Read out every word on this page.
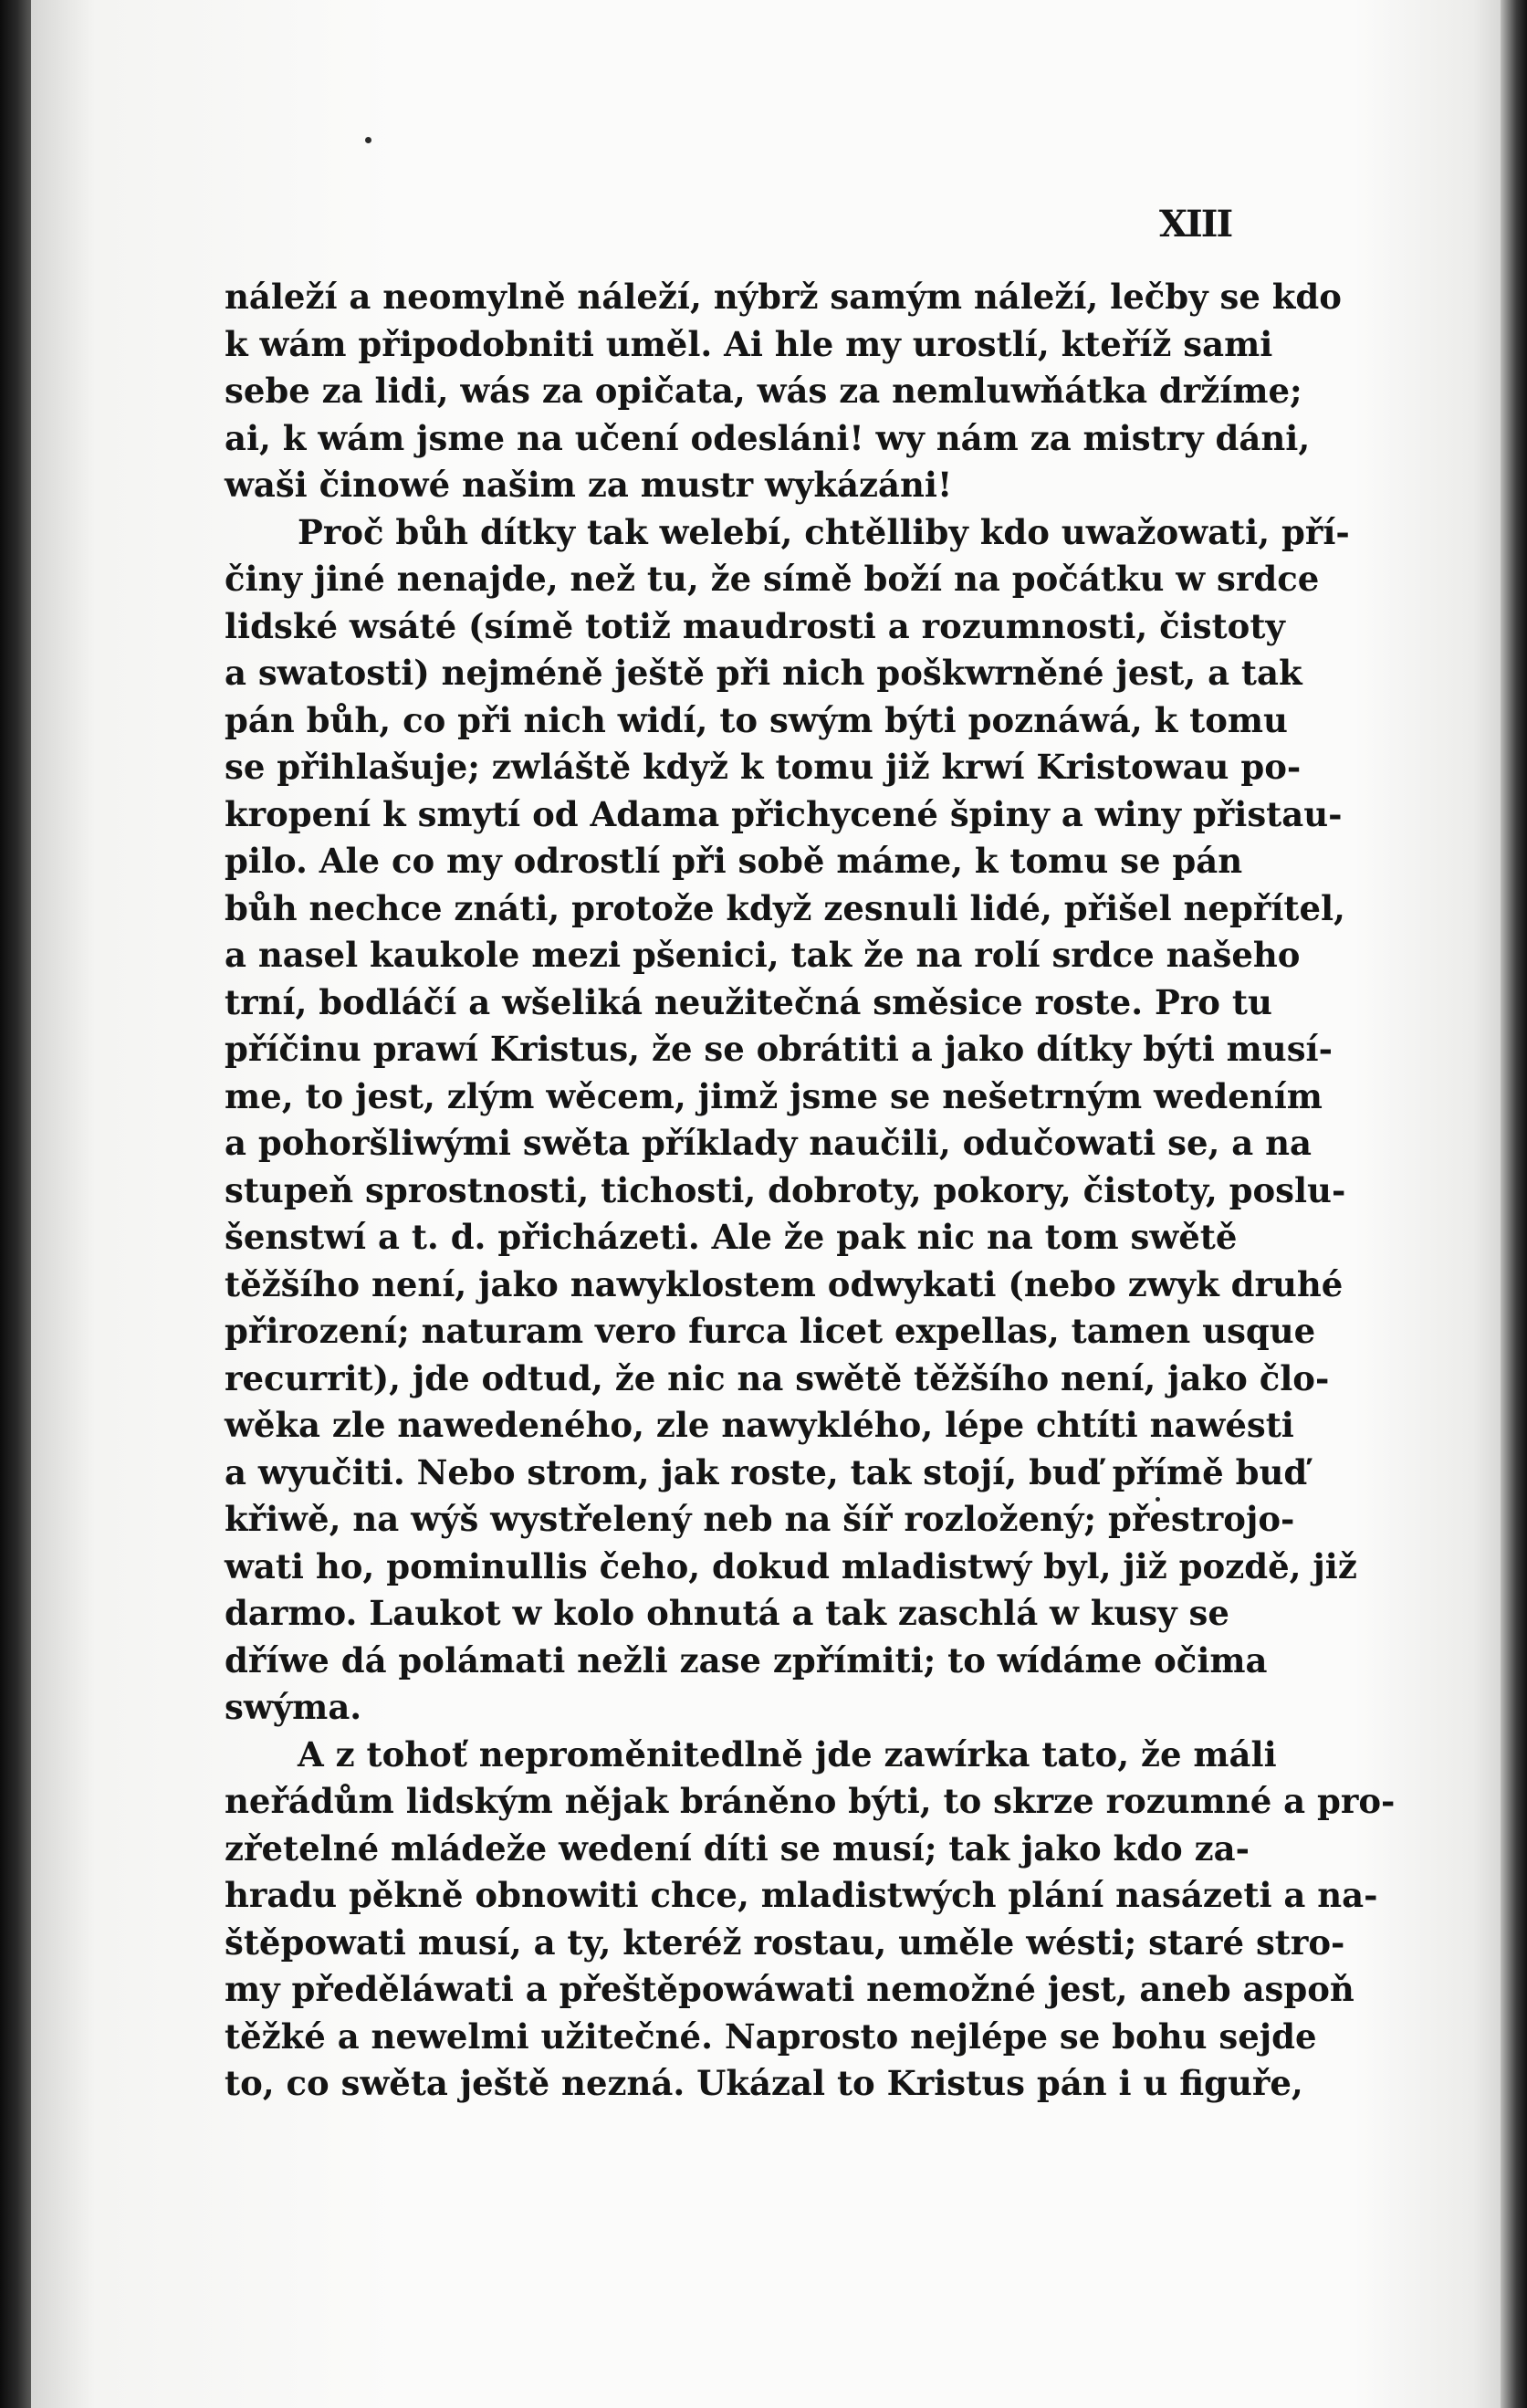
XIII
náleží a neomylně náleží, nýbrž samým náleží, lečby se kdo
k wám připodobniti uměl. Ai hle my urostlí, kteříž sami
sebe za lidi, wás za opičata, wás za nemluwňátka držíme;
ai, k wám jsme na učení odesláni! wy nám za mistry dáni,
waši činowé našim za mustr wykázáni!
Proč bůh dítky tak welebí, chtělliby kdo uwažowati, pří-
činy jiné nenajde, než tu, že símě boží na počátku w srdce
lidské wsáté (símě totiž maudrosti a rozumnosti, čistoty
a swatosti) nejméně ještě při nich poškwrněné jest, a tak
pán bůh, co při nich widí, to swým býti poznáwá, k tomu
se přihlašuje; zwláště když k tomu již krwí Kristowau po-
kropení k smytí od Adama přichycené špiny a winy přistau-
pilo. Ale co my odrostlí při sobě máme, k tomu se pán
bůh nechce znáti, protože když zesnuli lidé, přišel nepřítel,
a nasel kaukole mezi pšenici, tak že na rolí srdce našeho
trní, bodláčí a wšeliká neužitečná směsice roste. Pro tu
příčinu prawí Kristus, že se obrátiti a jako dítky býti musí-
me, to jest, zlým wěcem, jimž jsme se nešetrným wedením
a pohoršliwými swěta příklady naučili, odučowati se, a na
stupeň sprostnosti, tichosti, dobroty, pokory, čistoty, poslu-
šenstwí a t. d. přicházeti. Ale že pak nic na tom swětě
těžšího není, jako nawyklostem odwykati (nebo zwyk druhé
přirození; naturam vero furca licet expellas, tamen usque
recurrit), jde odtud, že nic na swětě těžšího není, jako člo-
wěka zle nawedeného, zle nawyklého, lépe chtíti nawésti
a wyučiti. Nebo strom, jak roste, tak stojí, buď přímě buď
křiwě, na wýš wystřelený neb na šíř rozložený; přestrojo-
wati ho, pominullis čeho, dokud mladistwý byl, již pozdě, již
darmo. Laukot w kolo ohnutá a tak zaschlá w kusy se
dříwe dá polámati nežli zase zpřímiti; to wídáme očima
swýma.
A z tohoť neproměnitedlně jde zawírka tato, že máli
neřádům lidským nějak bráněno býti, to skrze rozumné a pro-
zřetelné mládeže wedení díti se musí; tak jako kdo za-
hradu pěkně obnowiti chce, mladistwých plání nasázeti a na-
štěpowati musí, a ty, kteréž rostau, uměle wésti; staré stro-
my předěláwati a přeštěpowáwati nemožné jest, aneb aspoň
těžké a newelmi užitečné. Naprosto nejlépe se bohu sejde
to, co swěta ještě nezná. Ukázal to Kristus pán i u figuře,
